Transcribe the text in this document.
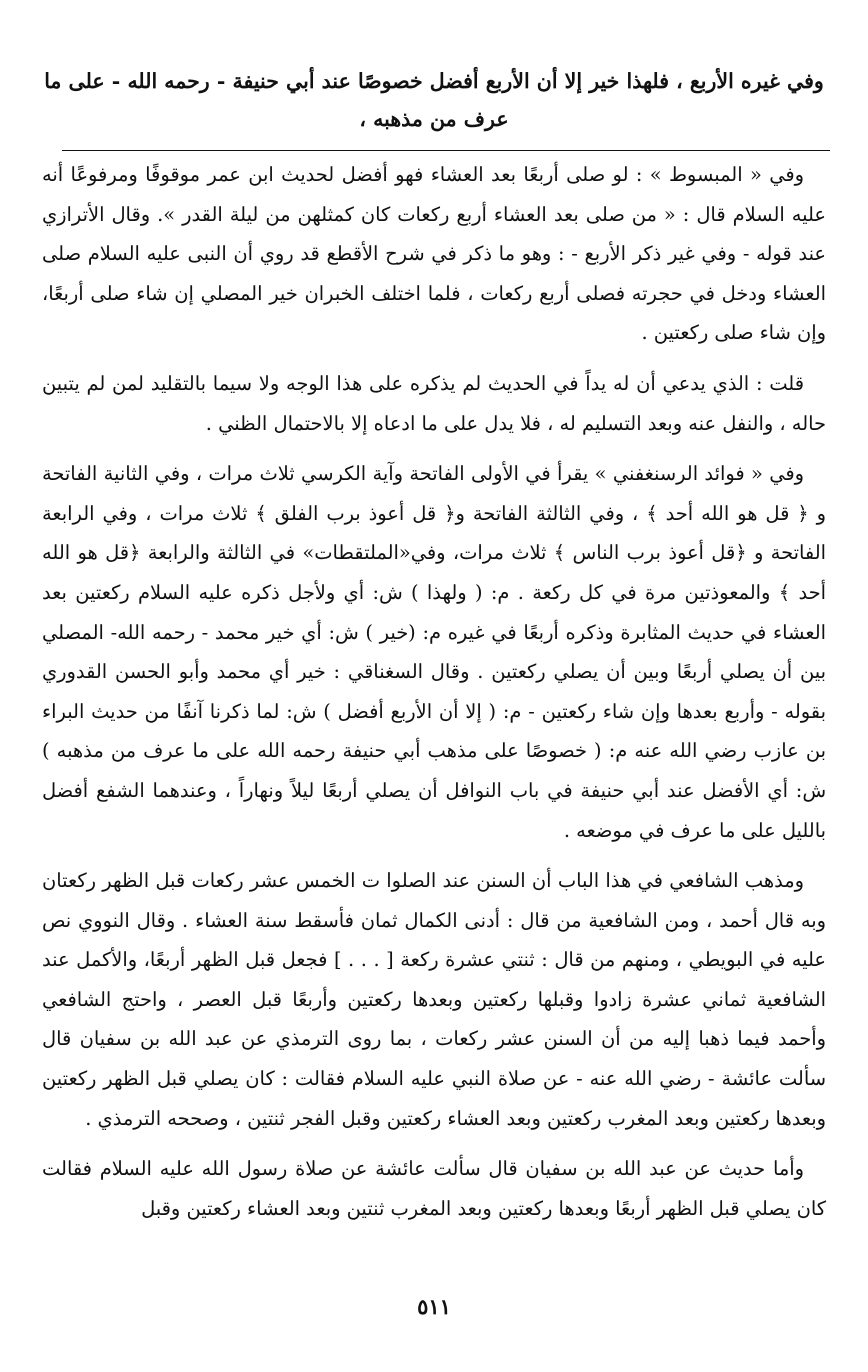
وفي غيره الأربع ، فلهذا خير إلا أن الأربع أفضل خصوصًا عند أبي حنيفة - رحمه الله - على ما عرف من مذهبه ،

وفي « المبسوط » : لو صلى أربعًا بعد العشاء فهو أفضل لحديث ابن عمر موقوفًا ومرفوعًا أنه عليه السلام قال : « من صلى بعد العشاء أربع ركعات كان كمثلهن من ليلة القدر ». وقال الأترازي عند قوله - وفي غير ذكر الأربع - : وهو ما ذكر في شرح الأقطع قد روي أن النبى عليه السلام صلى العشاء ودخل في حجرته فصلى أربع ركعات ، فلما اختلف الخبران خير المصلي إن شاء صلى أربعًا، وإن شاء صلى ركعتين .

قلت : الذي يدعي أن له يداً في الحديث لم يذكره على هذا الوجه ولا سيما بالتقليد لمن لم يتبين حاله ، والنفل عنه وبعد التسليم له ، فلا يدل على ما ادعاه إلا بالاحتمال الظني .

وفي « فوائد الرسنغفني » يقرأ في الأولى الفاتحة وآية الكرسي ثلاث مرات ، وفي الثانية الفاتحة و ﴿ قل هو الله أحد ﴾ ، وفي الثالثة الفاتحة و﴿ قل أعوذ برب الفلق ﴾ ثلاث مرات ، وفي الرابعة الفاتحة و ﴿قل أعوذ برب الناس ﴾ ثلاث مرات، وفي«الملتقطات» في الثالثة والرابعة ﴿قل هو الله أحد ﴾ والمعوذتين مرة في كل ركعة . م: ( ولهذا ) ش: أي ولأجل ذكره عليه السلام ركعتين بعد العشاء في حديث المثابرة وذكره أربعًا في غيره م: (خير ) ش: أي خير محمد - رحمه الله- المصلي بين أن يصلي أربعًا وبين أن يصلي ركعتين . وقال السغناقي : خير أي محمد وأبو الحسن القدوري بقوله - وأربع بعدها وإن شاء ركعتين - م: ( إلا أن الأربع أفضل ) ش: لما ذكرنا آنفًا من حديث البراء بن عازب رضي الله عنه م: ( خصوصًا على مذهب أبي حنيفة رحمه الله على ما عرف من مذهبه ) ش: أي الأفضل عند أبي حنيفة في باب النوافل أن يصلي أربعًا ليلاً ونهاراً ، وعندهما الشفع أفضل بالليل على ما عرف في موضعه .

ومذهب الشافعي في هذا الباب أن السنن عند الصلوا ت الخمس عشر ركعات قبل الظهر ركعتان وبه قال أحمد ، ومن الشافعية من قال : أدنى الكمال ثمان فأسقط سنة العشاء . وقال النووي نص عليه في البويطي ، ومنهم من قال : ثنتي عشرة ركعة [ . . . ] فجعل قبل الظهر أربعًا، والأكمل عند الشافعية ثماني عشرة زادوا وقبلها ركعتين وبعدها ركعتين وأربعًا قبل العصر ، واحتج الشافعي وأحمد فيما ذهبا إليه من أن السنن عشر ركعات ، بما روى الترمذي عن عبد الله بن سفيان قال سألت عائشة - رضي الله عنه - عن صلاة النبي عليه السلام فقالت : كان يصلي قبل الظهر ركعتين وبعدها ركعتين وبعد المغرب ركعتين وبعد العشاء ركعتين وقبل الفجر ثنتين ، وصححه الترمذي .

وأما حديث عن عبد الله بن سفيان قال سألت عائشة عن صلاة رسول الله عليه السلام فقالت كان يصلي قبل الظهر أربعًا وبعدها ركعتين وبعد المغرب ثنتين وبعد العشاء ركعتين وقبل

٥١١
